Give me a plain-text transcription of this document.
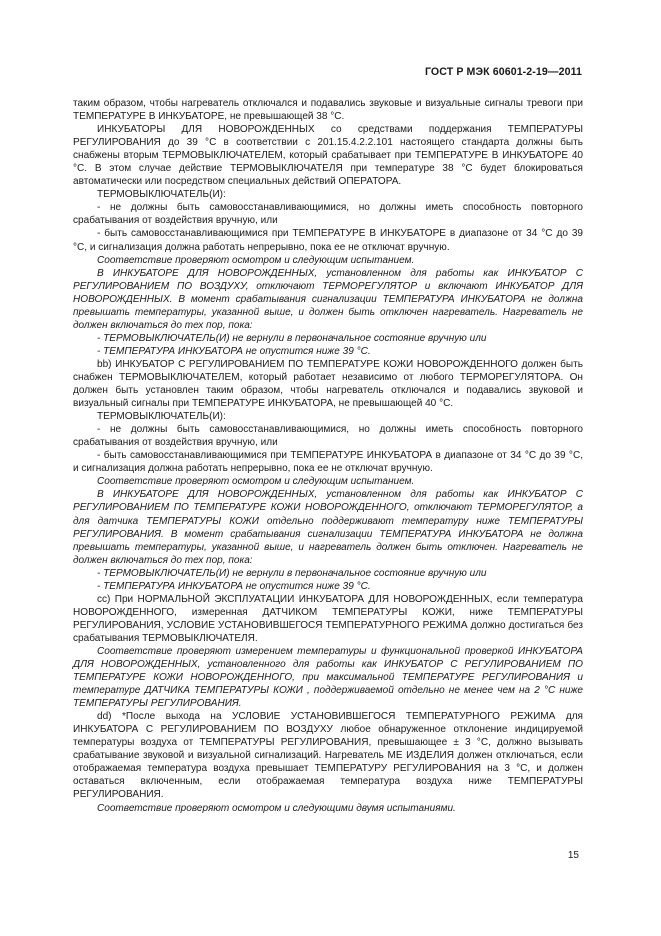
ГОСТ Р МЭК 60601-2-19—2011

таким образом, чтобы нагреватель отключался и подавались звуковые и визуальные сигналы тревоги при ТЕМПЕРАТУРЕ В ИНКУБАТОРЕ, не превышающей 38 °С.

ИНКУБАТОРЫ ДЛЯ НОВОРОЖДЕННЫХ со средствами поддержания ТЕМПЕРАТУРЫ РЕГУЛИРОВАНИЯ до 39 °С в соответствии с 201.15.4.2.2.101 настоящего стандарта должны быть снабжены вторым ТЕРМОВЫКЛЮЧАТЕЛЕМ, который срабатывает при ТЕМПЕРАТУРЕ В ИНКУБАТОРЕ 40 °С. В этом случае действие ТЕРМОВЫКЛЮЧАТЕЛЯ при температуре 38 °С будет блокироваться автоматически или посредством специальных действий ОПЕРАТОРА.

ТЕРМОВЫКЛЮЧАТЕЛЬ(И):

- не должны быть самовосстанавливающимися, но должны иметь способность повторного срабатывания от воздействия вручную, или

- быть самовосстанавливающимися при ТЕМПЕРАТУРЕ В ИНКУБАТОРЕ в диапазоне от 34 °С до 39 °С, и сигнализация должна работать непрерывно, пока ее не отключат вручную.

Соответствие проверяют осмотром и следующим испытанием.

В ИНКУБАТОРЕ ДЛЯ НОВОРОЖДЕННЫХ, установленном для работы как ИНКУБАТОР С РЕГУЛИРОВАНИЕМ ПО ВОЗДУХУ, отключают ТЕРМОРЕГУЛЯТОР и включают ИНКУБАТОР ДЛЯ НОВОРОЖДЕННЫХ. В момент срабатывания сигнализации ТЕМПЕРАТУРА ИНКУБАТОРА не должна превышать температуры, указанной выше, и должен быть отключен нагреватель. Нагреватель не должен включаться до тех пор, пока:

- ТЕРМОВЫКЛЮЧАТЕЛЬ(И) не вернули в первоначальное состояние вручную или

- ТЕМПЕРАТУРА ИНКУБАТОРА не опустится ниже 39 °С.

bb) ИНКУБАТОР С РЕГУЛИРОВАНИЕМ ПО ТЕМПЕРАТУРЕ КОЖИ НОВОРОЖДЕННОГО должен быть снабжен ТЕРМОВЫКЛЮЧАТЕЛЕМ, который работает независимо от любого ТЕРМОРЕГУЛЯТОРА. Он должен быть установлен таким образом, чтобы нагреватель отключался и подавались звуковой и визуальный сигналы при ТЕМПЕРАТУРЕ ИНКУБАТОРА, не превышающей 40 °С.

ТЕРМОВЫКЛЮЧАТЕЛЬ(И):

- не должны быть самовосстанавливающимися, но должны иметь способность повторного срабатывания от воздействия вручную, или

- быть самовосстанавливающимися при ТЕМПЕРАТУРЕ ИНКУБАТОРА в диапазоне от 34 °С до 39 °С, и сигнализация должна работать непрерывно, пока ее не отключат вручную.

Соответствие проверяют осмотром и следующим испытанием.

В ИНКУБАТОРЕ ДЛЯ НОВОРОЖДЕННЫХ, установленном для работы как ИНКУБАТОР С РЕГУЛИРОВАНИЕМ ПО ТЕМПЕРАТУРЕ КОЖИ НОВОРОЖДЕННОГО, отключают ТЕРМОРЕГУЛЯТОР, а для датчика ТЕМПЕРАТУРЫ КОЖИ отдельно поддерживают температуру ниже ТЕМПЕРАТУРЫ РЕГУЛИРОВАНИЯ. В момент срабатывания сигнализации ТЕМПЕРАТУРА ИНКУБАТОРА не должна превышать температуры, указанной выше, и нагреватель должен быть отключен. Нагреватель не должен включаться до тех пор, пока:

- ТЕРМОВЫКЛЮЧАТЕЛЬ(И) не вернули в первоначальное состояние вручную или

- ТЕМПЕРАТУРА ИНКУБАТОРА не опустится ниже 39 °С.

сс) При НОРМАЛЬНОЙ ЭКСПЛУАТАЦИИ ИНКУБАТОРА ДЛЯ НОВОРОЖДЕННЫХ, если температура НОВОРОЖДЕННОГО, измеренная ДАТЧИКОМ ТЕМПЕРАТУРЫ КОЖИ, ниже ТЕМПЕРАТУРЫ РЕГУЛИРОВАНИЯ, УСЛОВИЕ УСТАНОВИВШЕГОСЯ ТЕМПЕРАТУРНОГО РЕЖИМА должно достигаться без срабатывания ТЕРМОВЫКЛЮЧАТЕЛЯ.

Соответствие проверяют измерением температуры и функциональной проверкой ИНКУБАТОРА ДЛЯ НОВОРОЖДЕННЫХ, установленного для работы как ИНКУБАТОР С РЕГУЛИРОВАНИЕМ ПО ТЕМПЕРАТУРЕ КОЖИ НОВОРОЖДЕННОГО, при максимальной ТЕМПЕРАТУРЕ РЕГУЛИРОВАНИЯ и температуре ДАТЧИКА ТЕМПЕРАТУРЫ КОЖИ , поддерживаемой отдельно не менее чем на 2 °С ниже ТЕМПЕРАТУРЫ РЕГУЛИРОВАНИЯ.

dd) *После выхода на УСЛОВИЕ УСТАНОВИВШЕГОСЯ ТЕМПЕРАТУРНОГО РЕЖИМА для ИНКУБАТОРА С РЕГУЛИРОВАНИЕМ ПО ВОЗДУХУ любое обнаруженное отклонение индицируемой температуры воздуха от ТЕМПЕРАТУРЫ РЕГУЛИРОВАНИЯ, превышающее ± 3 °С, должно вызывать срабатывание звуковой и визуальной сигнализаций. Нагреватель МЕ ИЗДЕЛИЯ должен отключаться, если отображаемая температура воздуха превышает ТЕМПЕРАТУРУ РЕГУЛИРОВАНИЯ на 3 °С, и должен оставаться включенным, если отображаемая температура воздуха ниже ТЕМПЕРАТУРЫ РЕГУЛИРОВАНИЯ.

Соответствие проверяют осмотром и следующими двумя испытаниями.

15
